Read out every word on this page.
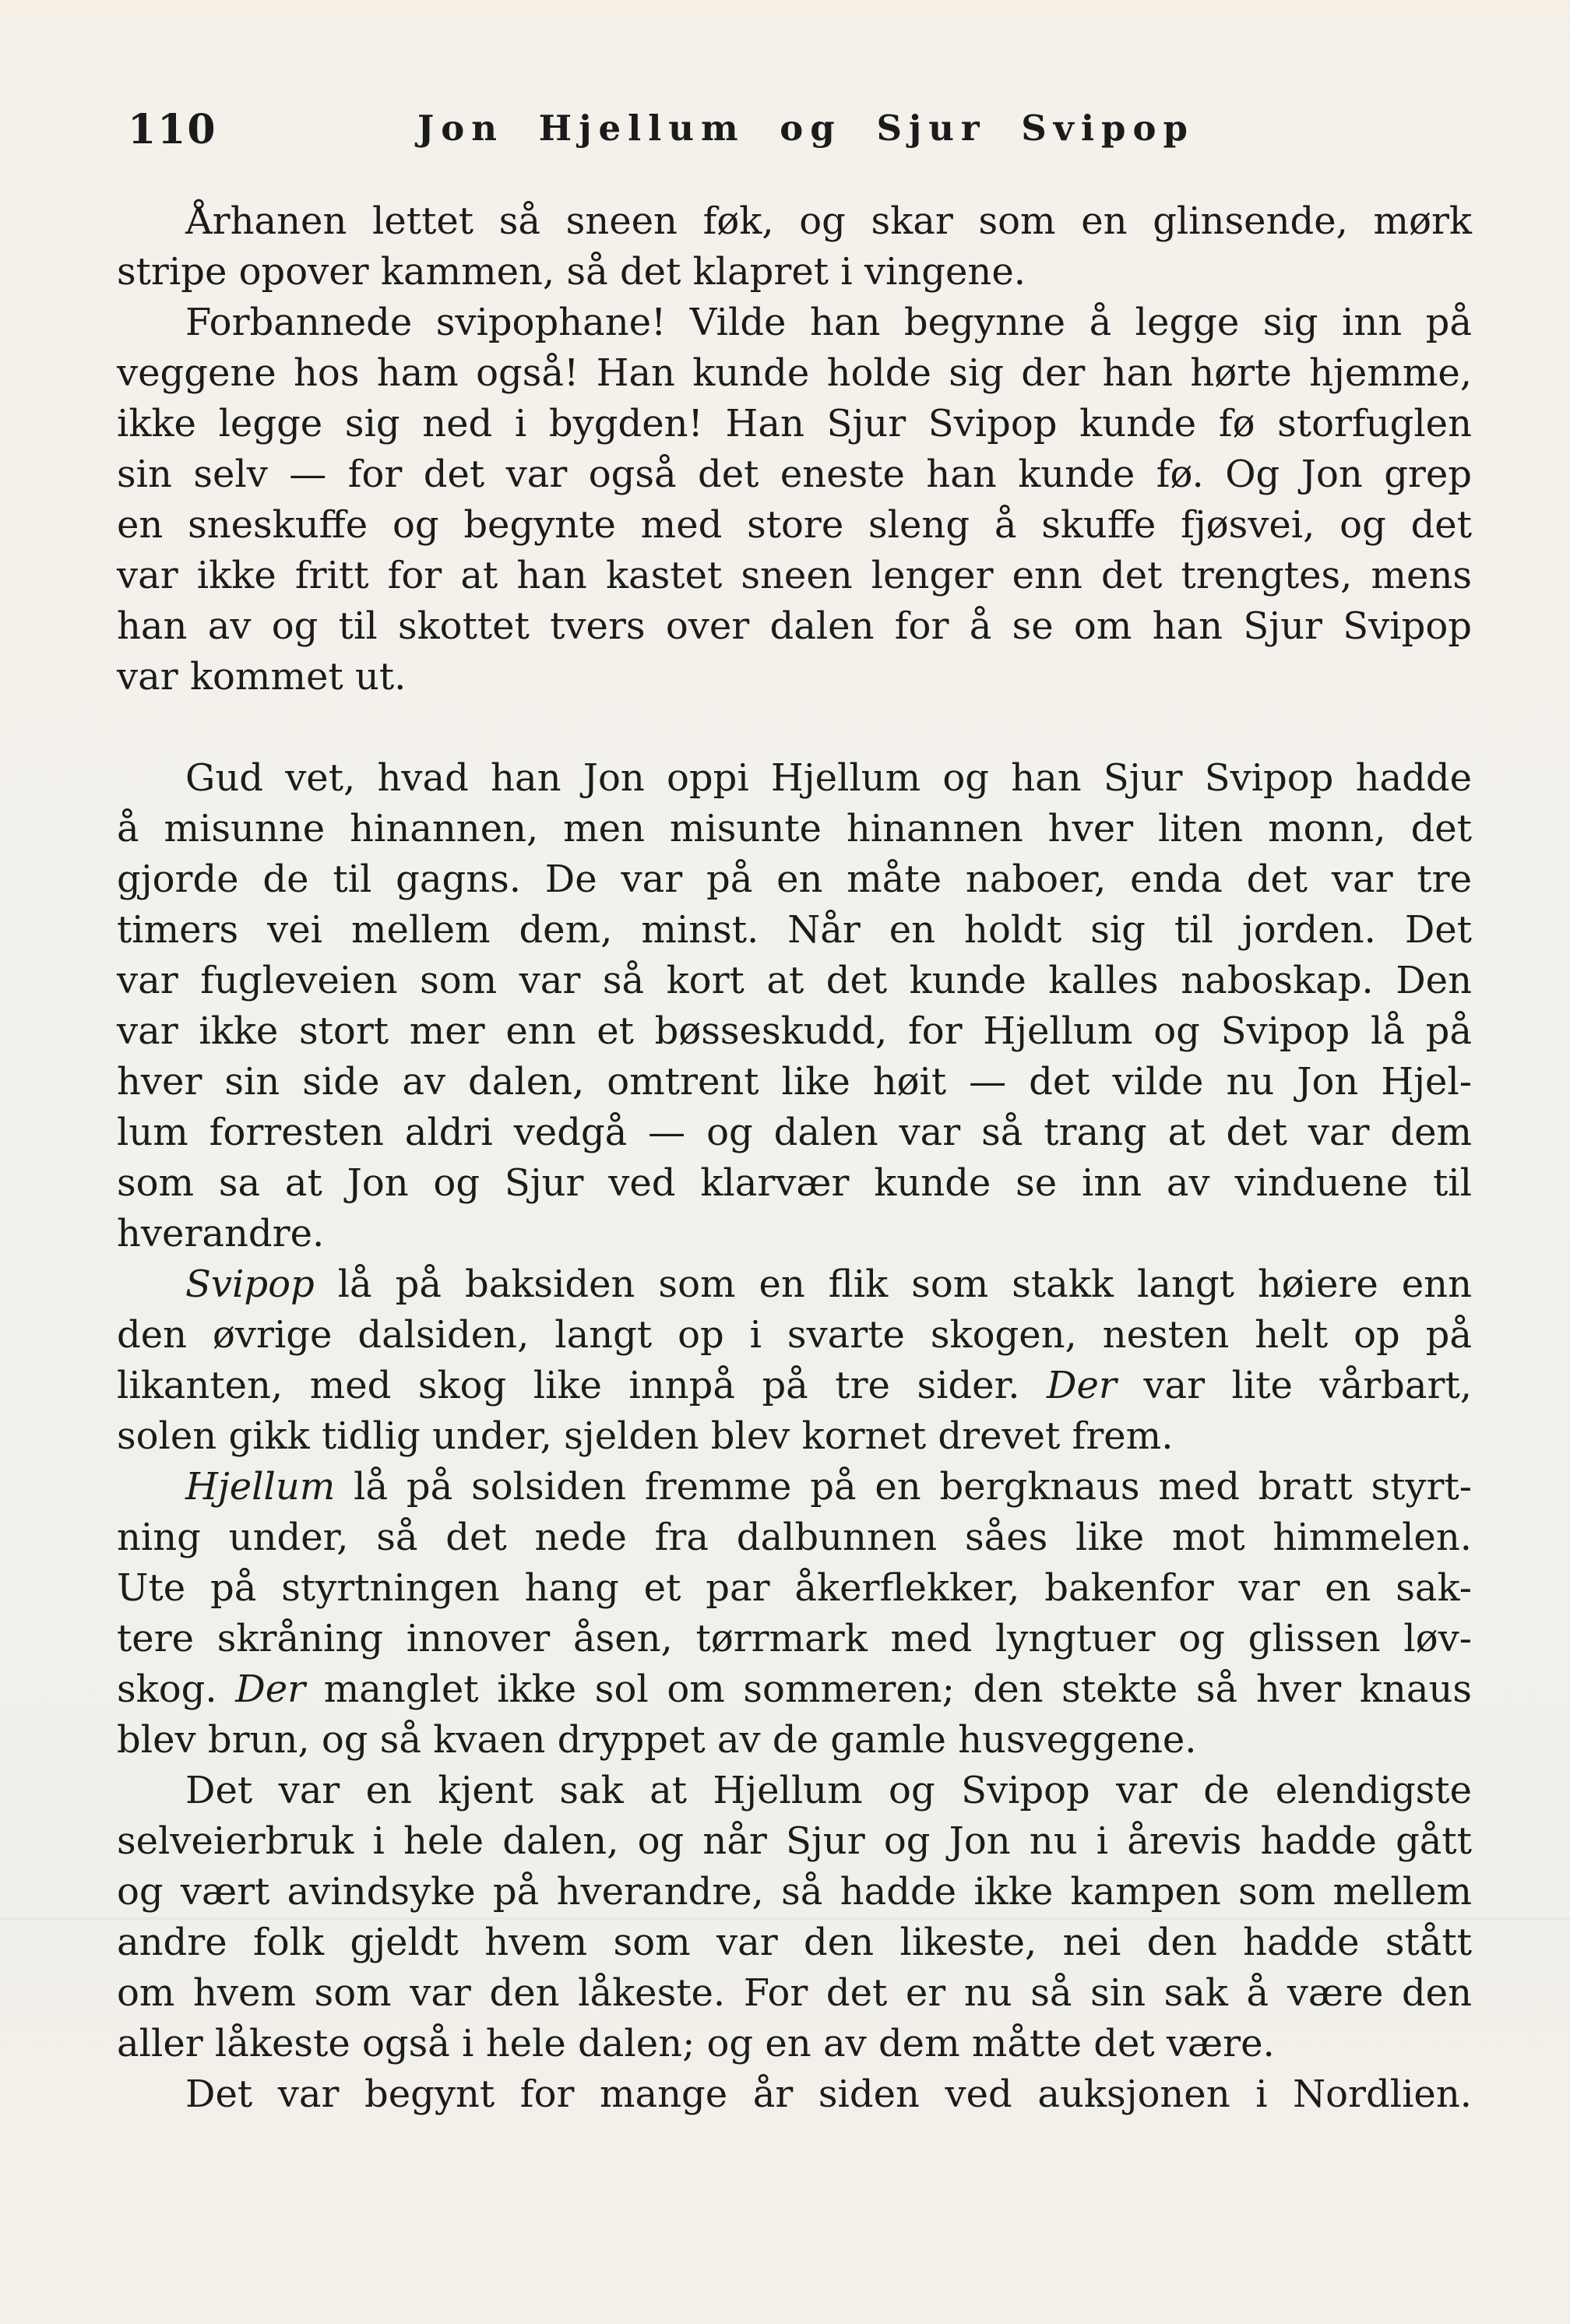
110	Jon Hjellum og Sjur Svipop
Århanen lettet så sneen føk, og skar som en glinsende, mørk
stripe opover kammen, så det klapret i vingene.
Forbannede svipophane! Vilde han begynne å legge sig inn på
veggene hos ham også! Han kunde holde sig der han hørte hjemme,
ikke legge sig ned i bygden! Han Sjur Svipop kunde fø storfuglen
sin selv — for det var også det eneste han kunde fø. Og Jon grep
en sneskuffe og begynte med store sleng å skuffe fjøsvei, og det
var ikke fritt for at han kastet sneen lenger enn det trengtes, mens
han av og til skottet tvers over dalen for å se om han Sjur Svipop
var kommet ut.
Gud vet, hvad han Jon oppi Hjellum og han Sjur Svipop hadde
å misunne hinannen, men misunte hinannen hver liten monn, det
gjorde de til gagns. De var på en måte naboer, enda det var tre
timers vei mellem dem, minst. Når en holdt sig til jorden. Det
var fugleveien som var så kort at det kunde kalles naboskap. Den
var ikke stort mer enn et bøsseskudd, for Hjellum og Svipop lå på
hver sin side av dalen, omtrent like høit — det vilde nu Jon Hjel-
lum forresten aldri vedgå — og dalen var så trang at det var dem
som sa at Jon og Sjur ved klarvær kunde se inn av vinduene til
hverandre.
Svipop lå på baksiden som en flik som stakk langt høiere enn
den øvrige dalsiden, langt op i svarte skogen, nesten helt op på
likanten, med skog like innpå på tre sider. Der var lite vårbart,
solen gikk tidlig under, sjelden blev kornet drevet frem.
Hjellum lå på solsiden fremme på en bergknaus med bratt styrt-
ning under, så det nede fra dalbunnen såes like mot himmelen.
Ute på styrtningen hang et par åkerflekker, bakenfor var en sak-
tere skråning innover åsen, tørrmark med lyngtuer og glissen løv-
skog. Der manglet ikke sol om sommeren; den stekte så hver knaus
blev brun, og så kvaen dryppet av de gamle husveggene.
Det var en kjent sak at Hjellum og Svipop var de elendigste
selveierbruk i hele dalen, og når Sjur og Jon nu i årevis hadde gått
og vært avindsyke på hverandre, så hadde ikke kampen som mellem
andre folk gjeldt hvem som var den likeste, nei den hadde stått
om hvem som var den låkeste. For det er nu så sin sak å være den
aller låkeste også i hele dalen; og en av dem måtte det være.
Det var begynt for mange år siden ved auksjonen i Nordlien.
